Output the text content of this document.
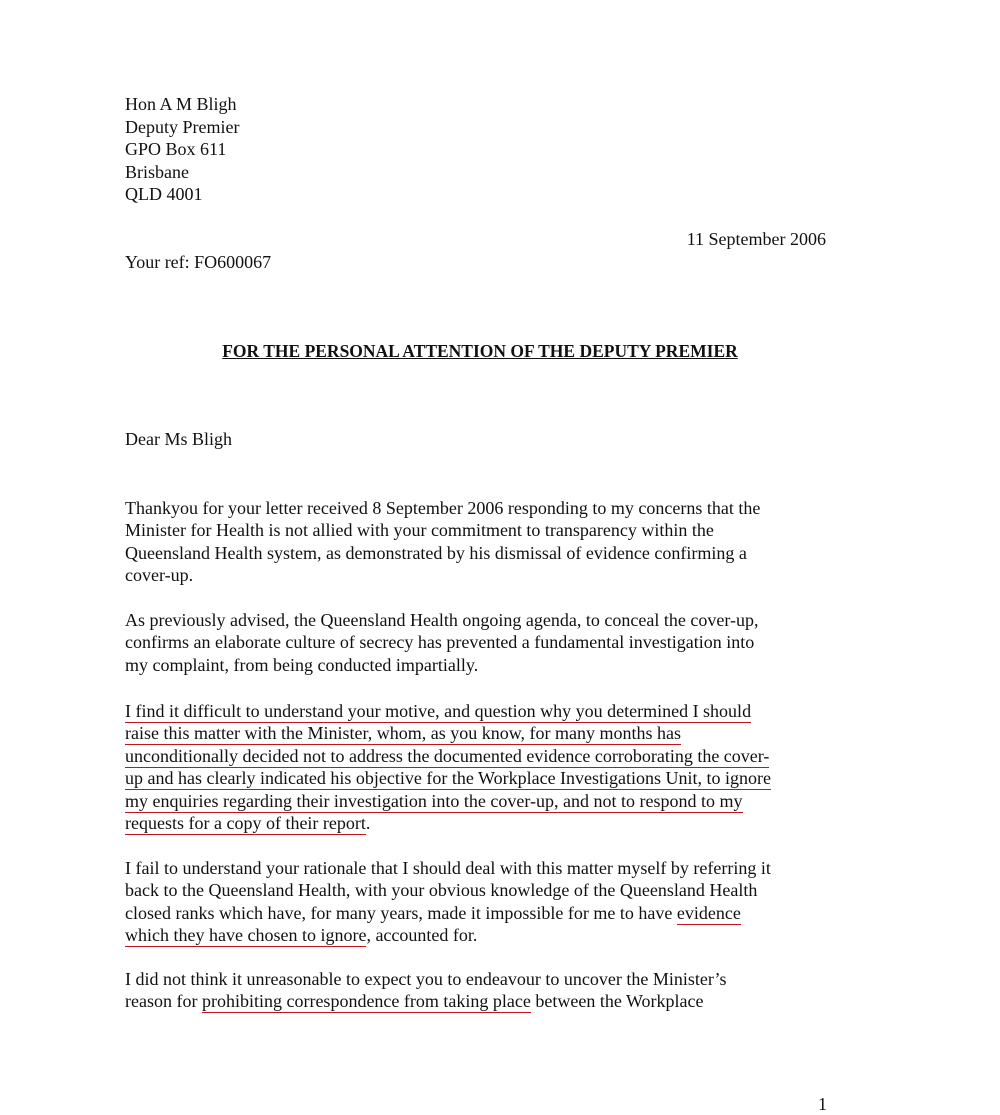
Hon A M Bligh
Deputy Premier
GPO Box 611
Brisbane
QLD 4001
11 September 2006
Your ref: FO600067
FOR THE PERSONAL ATTENTION OF THE DEPUTY PREMIER
Dear Ms Bligh
Thankyou for your letter received 8 September 2006 responding to my concerns that the
Minister for Health is not allied with your commitment to transparency within the
Queensland Health system, as demonstrated by his dismissal of evidence confirming a
cover-up.
As previously advised, the Queensland Health ongoing agenda, to conceal the cover-up,
confirms an elaborate culture of secrecy has prevented a fundamental investigation into
my complaint, from being conducted impartially.
I find it difficult to understand your motive, and question why you determined I should
raise this matter with the Minister, whom, as you know, for many months has
unconditionally decided not to address the documented evidence corroborating the cover-
up and has clearly indicated his objective for the Workplace Investigations Unit, to ignore
my enquiries regarding their investigation into the cover-up, and not to respond to my
requests for a copy of their report.
I fail to understand your rationale that I should deal with this matter myself by referring it
back to the Queensland Health, with your obvious knowledge of the Queensland Health
closed ranks which have, for many years, made it impossible for me to have evidence
which they have chosen to ignore, accounted for.
I did not think it unreasonable to expect you to endeavour to uncover the Minister’s
reason for prohibiting correspondence from taking place between the Workplace
1
